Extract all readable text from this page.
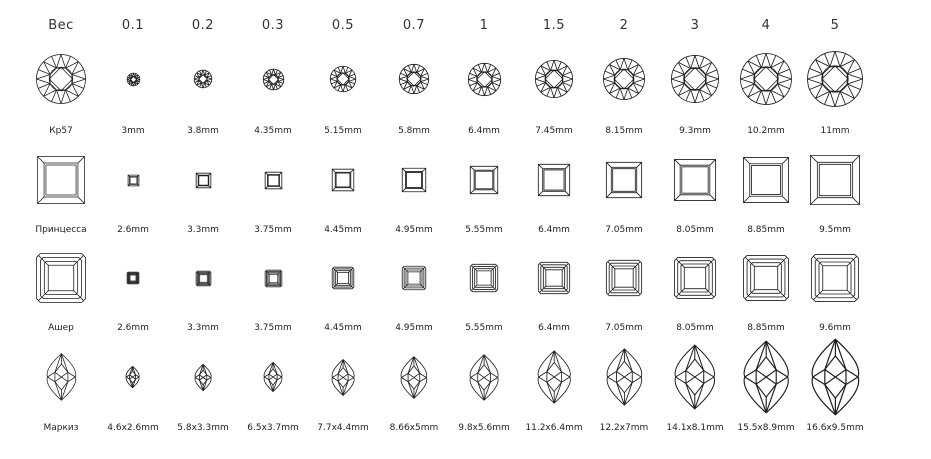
Вес	0.1	0.2	0.3	0.5	0.7	1	1.5	2	3	4	5
Кр57	3mm	3.8mm	4.35mm	5.15mm	5.8mm	6.4mm	7.45mm	8.15mm	9.3mm	10.2mm	11mm
Принцесса	2.6mm	3.3mm	3.75mm	4.45mm	4.95mm	5.55mm	6.4mm	7.05mm	8.05mm	8.85mm	9.5mm
Ашер	2.6mm	3.3mm	3.75mm	4.45mm	4.95mm	5.55mm	6.4mm	7.05mm	8.05mm	8.85mm	9.6mm
Маркиз	4.6x2.6mm 5.8x3.3mm 6.5x3.7mm 7.7x4.4mm 8.66x5mm 9.8x5.6mm 11.2x6.4mm 12.2x7mm 14.1x8.1mm 15.5x8.9mm 16.6x9.5mm
